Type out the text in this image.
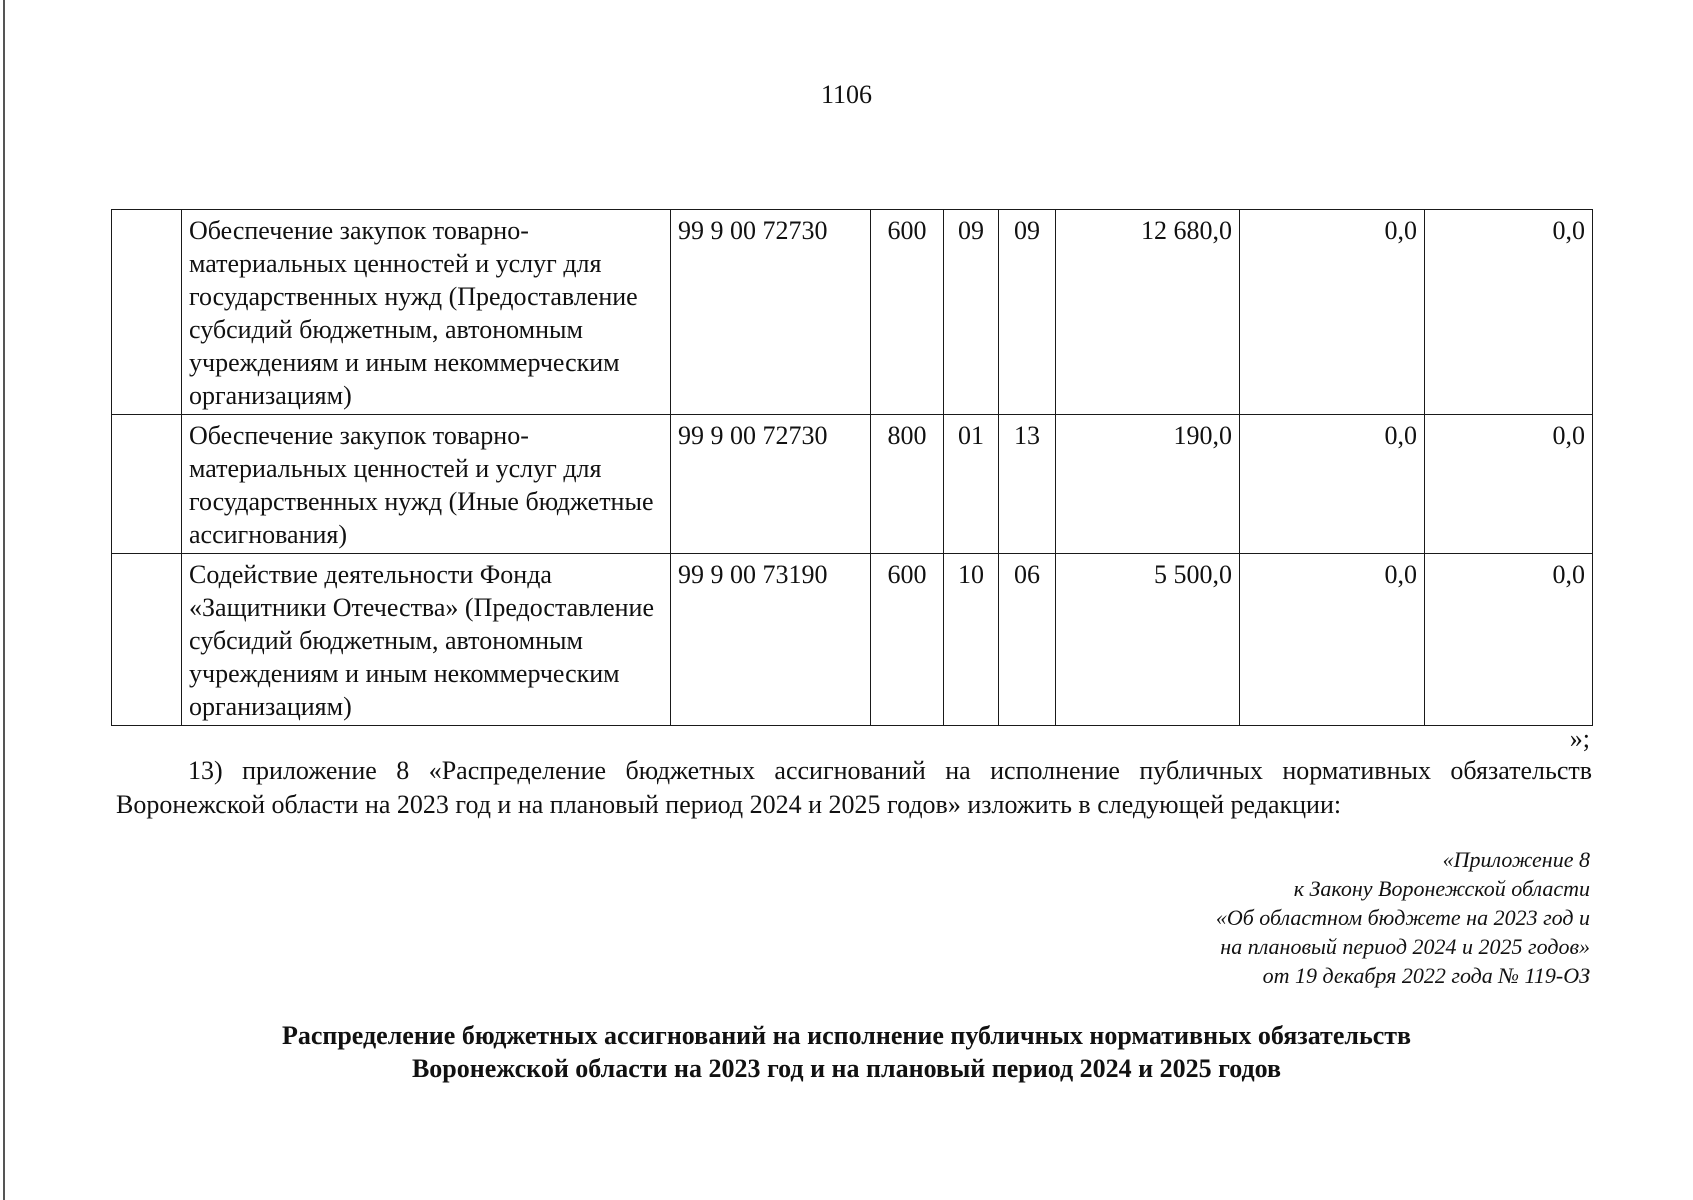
1106
	Обеспечение закупок товарно-материальных ценностей и услуг для государственных нужд (Предоставление субсидий бюджетным, автономным учреждениям и иным некоммерческим организациям)	99 9 00 72730	600	09	09	12 680,0	0,0	0,0
	Обеспечение закупок товарно-материальных ценностей и услуг для государственных нужд (Иные бюджетные ассигнования)	99 9 00 72730	800	01	13	190,0	0,0	0,0
	Содействие деятельности Фонда «Защитники Отечества» (Предоставление субсидий бюджетным, автономным учреждениям и иным некоммерческим организациям)	99 9 00 73190	600	10	06	5 500,0	0,0	0,0
»;
13) приложение 8 «Распределение бюджетных ассигнований на исполнение публичных нормативных обязательств Воронежской области на 2023 год и на плановый период 2024 и 2025 годов» изложить в следующей редакции:
«Приложение 8
к Закону Воронежской области
«Об областном бюджете на 2023 год и
на плановый период 2024 и 2025 годов»
от 19 декабря 2022 года № 119-ОЗ
Распределение бюджетных ассигнований на исполнение публичных нормативных обязательств
Воронежской области на 2023 год и на плановый период 2024 и 2025 годов
